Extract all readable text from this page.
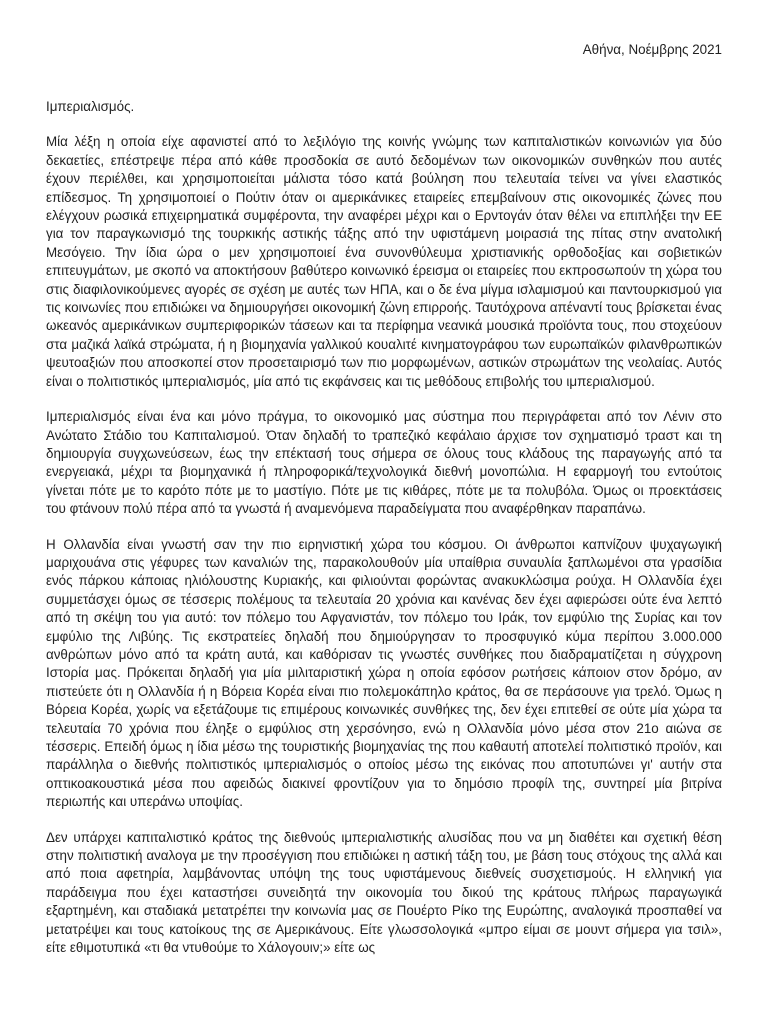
Αθήνα, Νοέμβρης 2021

Ιμπεριαλισμός.

Μία λέξη η οποία είχε αφανιστεί από το λεξιλόγιο της κοινής γνώμης των καπιταλιστικών κοινωνιών για δύο δεκαετίες, επέστρεψε πέρα από κάθε προσδοκία σε αυτό δεδομένων των οικονομικών συνθηκών που αυτές έχουν περιέλθει, και χρησιμοποιείται μάλιστα τόσο κατά βούληση που τελευταία τείνει να γίνει ελαστικός επίδεσμος. Τη χρησιμοποιεί ο Πούτιν όταν οι αμερικάνικες εταιρείες επεμβαίνουν στις οικονομικές ζώνες που ελέγχουν ρωσικά επιχειρηματικά συμφέροντα, την αναφέρει μέχρι και ο Ερντογάν όταν θέλει να επιπλήξει την ΕΕ για τον παραγκωνισμό της τουρκικής αστικής τάξης από την υφιστάμενη μοιρασιά της πίτας στην ανατολική Μεσόγειο. Την ίδια ώρα ο μεν χρησιμοποιεί ένα συνονθύλευμα χριστιανικής ορθοδοξίας και σοβιετικών επιτευγμάτων, με σκοπό να αποκτήσουν βαθύτερο κοινωνικό έρεισμα οι εταιρείες που εκπροσωπούν τη χώρα του στις διαφιλονικούμενες αγορές σε σχέση με αυτές των ΗΠΑ, και ο δε ένα μίγμα ισλαμισμού και παντουρκισμού για τις κοινωνίες που επιδιώκει να δημιουργήσει οικονομική ζώνη επιρροής. Ταυτόχρονα απέναντί τους βρίσκεται ένας ωκεανός αμερικάνικων συμπεριφορικών τάσεων και τα περίφημα νεανικά μουσικά προϊόντα τους, που στοχεύουν στα μαζικά λαϊκά στρώματα, ή η βιομηχανία γαλλικού κουαλιτέ κινηματογράφου των ευρωπαϊκών φιλανθρωπικών ψευτοαξιών που αποσκοπεί στον προσεταιρισμό των πιο μορφωμένων, αστικών στρωμάτων της νεολαίας. Αυτός είναι ο πολιτιστικός ιμπεριαλισμός, μία από τις εκφάνσεις και τις μεθόδους επιβολής του ιμπεριαλισμού.

Ιμπεριαλισμός είναι ένα και μόνο πράγμα, το οικονομικό μας σύστημα που περιγράφεται από τον Λένιν στο Ανώτατο Στάδιο του Καπιταλισμού. Όταν δηλαδή το τραπεζικό κεφάλαιο άρχισε τον σχηματισμό τραστ και τη δημιουργία συγχωνεύσεων, έως την επέκτασή τους σήμερα σε όλους τους κλάδους της παραγωγής από τα ενεργειακά, μέχρι τα βιομηχανικά ή πληροφορικά/τεχνολογικά διεθνή μονοπώλια. Η εφαρμογή του εντούτοις γίνεται πότε με το καρότο πότε με το μαστίγιο. Πότε με τις κιθάρες, πότε με τα πολυβόλα. Όμως οι προεκτάσεις του φτάνουν πολύ πέρα από τα γνωστά ή αναμενόμενα παραδείγματα που αναφέρθηκαν παραπάνω.

Η Ολλανδία είναι γνωστή σαν την πιο ειρηνιστική χώρα του κόσμου. Οι άνθρωποι καπνίζουν ψυχαγωγική μαριχουάνα στις γέφυρες των καναλιών της, παρακολουθούν μία υπαίθρια συναυλία ξαπλωμένοι στα γρασίδια ενός πάρκου κάποιας ηλιόλουστης Κυριακής, και φιλιούνται φορώντας ανακυκλώσιμα ρούχα. Η Ολλανδία έχει συμμετάσχει όμως σε τέσσερις πολέμους τα τελευταία 20 χρόνια και κανένας δεν έχει αφιερώσει ούτε ένα λεπτό από τη σκέψη του για αυτό: τον πόλεμο του Αφγανιστάν, τον πόλεμο του Ιράκ, τον εμφύλιο της Συρίας και τον εμφύλιο της Λιβύης. Τις εκστρατείες δηλαδή που δημιούργησαν το προσφυγικό κύμα περίπου 3.000.000 ανθρώπων μόνο από τα κράτη αυτά, και καθόρισαν τις γνωστές συνθήκες που διαδραματίζεται η σύγχρονη Ιστορία μας. Πρόκειται δηλαδή για μία μιλιταριστική χώρα η οποία εφόσον ρωτήσεις κάποιον στον δρόμο, αν πιστεύετε ότι η Ολλανδία ή η Βόρεια Κορέα είναι πιο πολεμοκάπηλο κράτος, θα σε περάσουνε για τρελό. Όμως η Βόρεια Κορέα, χωρίς να εξετάζουμε τις επιμέρους κοινωνικές συνθήκες της, δεν έχει επιτεθεί σε ούτε μία χώρα τα τελευταία 70 χρόνια που έληξε ο εμφύλιος στη χερσόνησο, ενώ η Ολλανδία μόνο μέσα στον 21ο αιώνα σε τέσσερις. Επειδή όμως η ίδια μέσω της τουριστικής βιομηχανίας της που καθαυτή αποτελεί πολιτιστικό προϊόν, και παράλληλα ο διεθνής πολιτιστικός ιμπεριαλισμός ο οποίος μέσω της εικόνας που αποτυπώνει γι' αυτήν στα οπτικοακουστικά μέσα που αφειδώς διακινεί φροντίζουν για το δημόσιο προφίλ της, συντηρεί μία βιτρίνα περιωπής και υπεράνω υποψίας.

Δεν υπάρχει καπιταλιστικό κράτος της διεθνούς ιμπεριαλιστικής αλυσίδας που να μη διαθέτει και σχετική θέση στην πολιτιστική αναλογα με την προσέγγιση που επιδιώκει η αστική τάξη του, με βάση τους στόχους της αλλά και από ποια αφετηρία, λαμβάνοντας υπόψη της τους υφιστάμενους διεθνείς συσχετισμούς. Η ελληνική για παράδειγμα που έχει καταστήσει συνειδητά την οικονομία του δικού της κράτους πλήρως παραγωγικά εξαρτημένη, και σταδιακά μετατρέπει την κοινωνία μας σε Πουέρτο Ρίκο της Ευρώπης, αναλογικά προσπαθεί να μετατρέψει και τους κατοίκους της σε Αμερικάνους. Είτε γλωσσολογικά «μπρο είμαι σε μουντ σήμερα για τσιλ», είτε εθιμοτυπικά «τι θα ντυθούμε το Χάλογουιν;» είτε ως
